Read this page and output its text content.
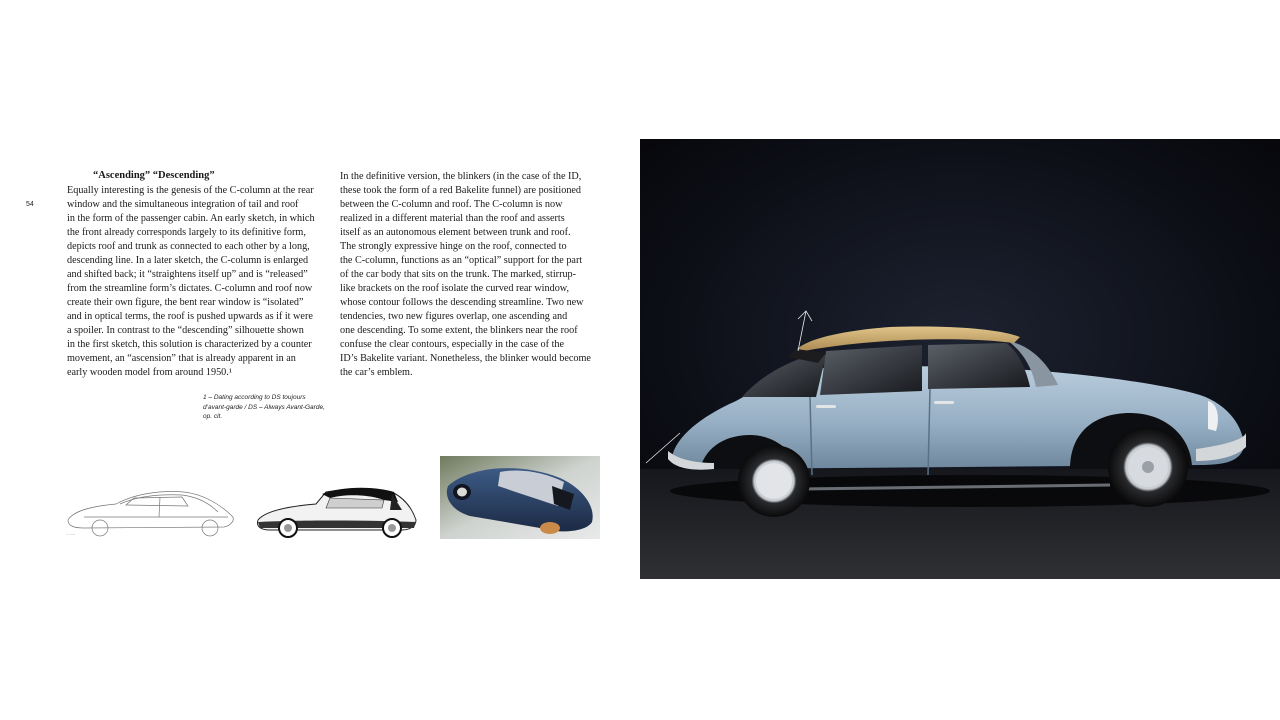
54
“Ascending” “Descending”

Equally interesting is the genesis of the C-column at the rear

window and the simultaneous integration of tail and roof

in the form of the passenger cabin. An early sketch, in which

the front already corresponds largely to its definitive form,

depicts roof and trunk as connected to each other by a long,

descending line. In a later sketch, the C-column is enlarged

and shifted back; it “straightens itself up” and is “released”

from the streamline form’s dictates. C-column and roof now

create their own figure, the bent rear window is “isolated”

and in optical terms, the roof is pushed upwards as if it were

a spoiler. In contrast to the “descending” silhouette shown

in the first sketch, this solution is characterized by a counter

movement, an “ascension” that is already apparent in an

early wooden model from around 1950.¹

In the definitive version, the blinkers (in the case of the ID,

these took the form of a red Bakelite funnel) are positioned

between the C-column and roof. The C-column is now

realized in a different material than the roof and asserts

itself as an autonomous element between trunk and roof.

The strongly expressive hinge on the roof, connected to

the C-column, functions as an “optical” support for the part

of the car body that sits on the trunk. The marked, stirrup-

like brackets on the roof isolate the curved rear window,

whose contour follows the descending streamline. Two new

tendencies, two new figures overlap, one ascending and

one descending. To some extent, the blinkers near the roof

confuse the clear contours, especially in the case of the

ID’s Bakelite variant. Nonetheless, the blinker would become

the car’s emblem.

1 – Dating according to DS toujours

d’avant-garde / DS – Always Avant-Garde,

op. cit.

-- ----
